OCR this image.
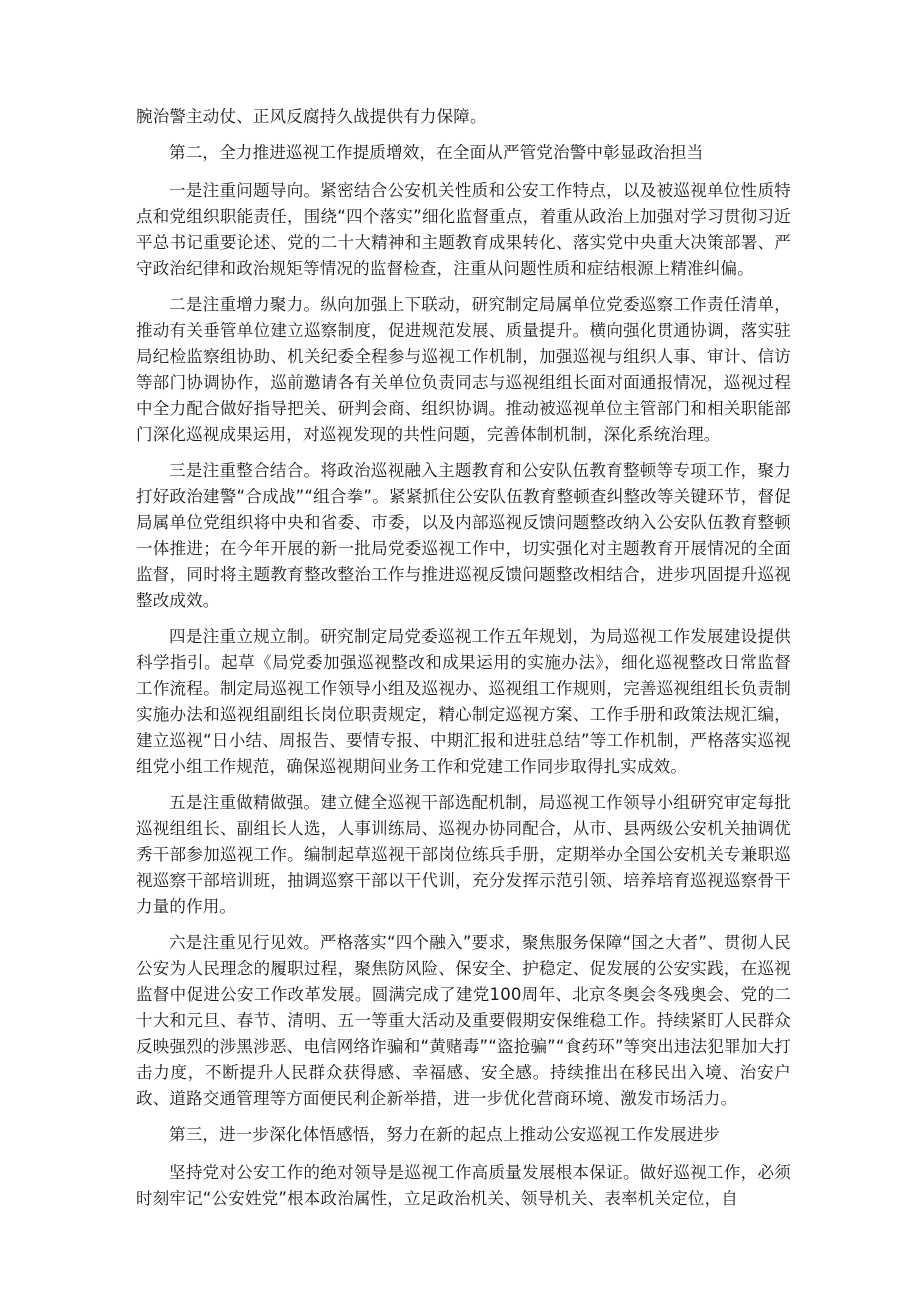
腕治警主动仗、正风反腐持久战提供有力保障。

第二，全力推进巡视工作提质增效，在全面从严管党治警中彰显政治担当

一是注重问题导向。紧密结合公安机关性质和公安工作特点，以及被巡视单位性质特点和党组织职能责任，围绕“四个落实”细化监督重点，着重从政治上加强对学习贯彻习近平总书记重要论述、党的二十大精神和主题教育成果转化、落实党中央重大决策部署、严守政治纪律和政治规矩等情况的监督检查，注重从问题性质和症结根源上精准纠偏。

二是注重增力聚力。纵向加强上下联动，研究制定局属单位党委巡察工作责任清单，推动有关垂管单位建立巡察制度，促进规范发展、质量提升。横向强化贯通协调，落实驻局纪检监察组协助、机关纪委全程参与巡视工作机制，加强巡视与组织人事、审计、信访等部门协调协作，巡前邀请各有关单位负责同志与巡视组组长面对面通报情况，巡视过程中全力配合做好指导把关、研判会商、组织协调。推动被巡视单位主管部门和相关职能部门深化巡视成果运用，对巡视发现的共性问题，完善体制机制，深化系统治理。

三是注重整合结合。将政治巡视融入主题教育和公安队伍教育整顿等专项工作，聚力打好政治建警“合成战”“组合拳”。紧紧抓住公安队伍教育整顿查纠整改等关键环节，督促局属单位党组织将中央和省委、市委，以及内部巡视反馈问题整改纳入公安队伍教育整顿一体推进；在今年开展的新一批局党委巡视工作中，切实强化对主题教育开展情况的全面监督，同时将主题教育整改整治工作与推进巡视反馈问题整改相结合，进步巩固提升巡视整改成效。

四是注重立规立制。研究制定局党委巡视工作五年规划，为局巡视工作发展建设提供科学指引。起草《局党委加强巡视整改和成果运用的实施办法》，细化巡视整改日常监督工作流程。制定局巡视工作领导小组及巡视办、巡视组工作规则，完善巡视组组长负责制实施办法和巡视组副组长岗位职责规定，精心制定巡视方案、工作手册和政策法规汇编，建立巡视“日小结、周报告、要情专报、中期汇报和进驻总结”等工作机制，严格落实巡视组党小组工作规范，确保巡视期间业务工作和党建工作同步取得扎实成效。

五是注重做精做强。建立健全巡视干部选配机制，局巡视工作领导小组研究审定每批巡视组组长、副组长人选，人事训练局、巡视办协同配合，从市、县两级公安机关抽调优秀干部参加巡视工作。编制起草巡视干部岗位练兵手册，定期举办全国公安机关专兼职巡视巡察干部培训班，抽调巡察干部以干代训，充分发挥示范引领、培养培育巡视巡察骨干力量的作用。

六是注重见行见效。严格落实“四个融入”要求，聚焦服务保障“国之大者”、贯彻人民公安为人民理念的履职过程，聚焦防风险、保安全、护稳定、促发展的公安实践，在巡视监督中促进公安工作改革发展。圆满完成了建党100周年、北京冬奥会冬残奥会、党的二十大和元旦、春节、清明、五一等重大活动及重要假期安保维稳工作。持续紧盯人民群众反映强烈的涉黑涉恶、电信网络诈骗和“黄赌毒”“盗抢骗”“食药环”等突出违法犯罪加大打击力度，不断提升人民群众获得感、幸福感、安全感。持续推出在移民出入境、治安户政、道路交通管理等方面便民利企新举措，进一步优化营商环境、激发市场活力。

第三，进一步深化体悟感悟，努力在新的起点上推动公安巡视工作发展进步

坚持党对公安工作的绝对领导是巡视工作高质量发展根本保证。做好巡视工作，必须时刻牢记“公安姓党”根本政治属性，立足政治机关、领导机关、表率机关定位，自
